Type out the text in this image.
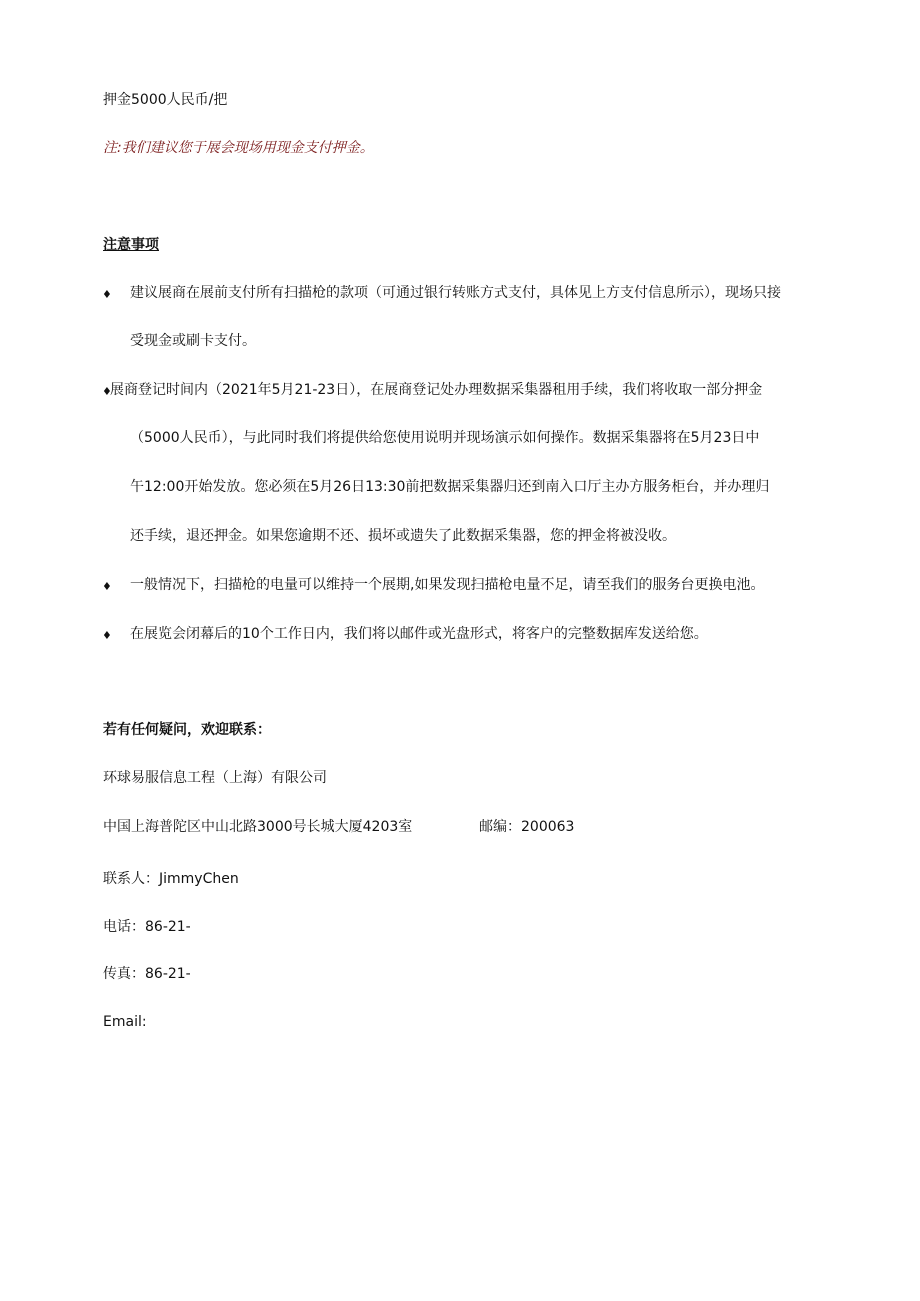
押金5000人民币/把
注:我们建议您于展会现场用现金支付押金。
注意事项
♦ 建议展商在展前支付所有扫描枪的款项（可通过银行转账方式支付，具体见上方支付信息所示），现场只接
受现金或刷卡支付。
♦
展商登记时间内（2021年5月21-23日），在展商登记处办理数据采集器租用手续，我们将收取一部分押金
（5000人民币），与此同时我们将提供给您使用说明并现场演示如何操作。数据采集器将在5月23日中
午12:00开始发放。您必须在5月26日13:30前把数据采集器归还到南入口厅主办方服务柜台，并办理归
还手续，退还押金。如果您逾期不还、损坏或遗失了此数据采集器，您的押金将被没收。
♦ 一般情况下，扫描枪的电量可以维持一个展期,如果发现扫描枪电量不足，请至我们的服务台更换电池。
♦ 在展览会闭幕后的10个工作日内，我们将以邮件或光盘形式，将客户的完整数据库发送给您。
若有任何疑问，欢迎联系：
环球易服信息工程（上海）有限公司
中国上海普陀区中山北路3000号长城大厦4203室	邮编：200063
联系人：JimmyChen
电话：86-21-
传真：86-21-
Email:
